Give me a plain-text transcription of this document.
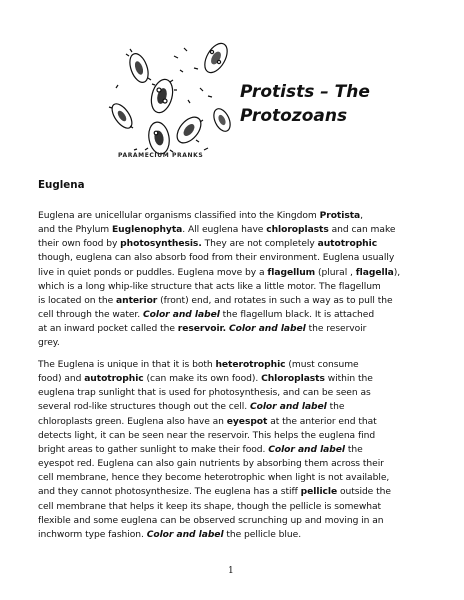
PARAMECIUM PRANKS
Protists – The
Protozoans
Euglena
Euglena are unicellular organisms classified into the Kingdom Protista,
and the Phylum Euglenophyta. All euglena have chloroplasts and can make
their own food by photosynthesis. They are not completely autotrophic
though, euglena can also absorb food from their environment. Euglena usually
live in quiet ponds or puddles. Euglena move by a flagellum (plural , flagella),
which is a long whip-like structure that acts like a little motor. The flagellum
is located on the anterior (front) end, and rotates in such a way as to pull the
cell through the water. Color and label the flagellum black. It is attached
at an inward pocket called the reservoir. Color and label the reservoir
grey.
The Euglena is unique in that it is both heterotrophic (must consume
food) and autotrophic (can make its own food). Chloroplasts within the
euglena trap sunlight that is used for photosynthesis, and can be seen as
several rod-like structures though out the cell. Color and label the
chloroplasts green. Euglena also have an eyespot at the anterior end that
detects light, it can be seen near the reservoir. This helps the euglena find
bright areas to gather sunlight to make their food. Color and label the
eyespot red. Euglena can also gain nutrients by absorbing them across their
cell membrane, hence they become heterotrophic when light is not available,
and they cannot photosynthesize. The euglena has a stiff pellicle outside the
cell membrane that helps it keep its shape, though the pellicle is somewhat
flexible and some euglena can be observed scrunching up and moving in an
inchworm type fashion. Color and label the pellicle blue.
1
